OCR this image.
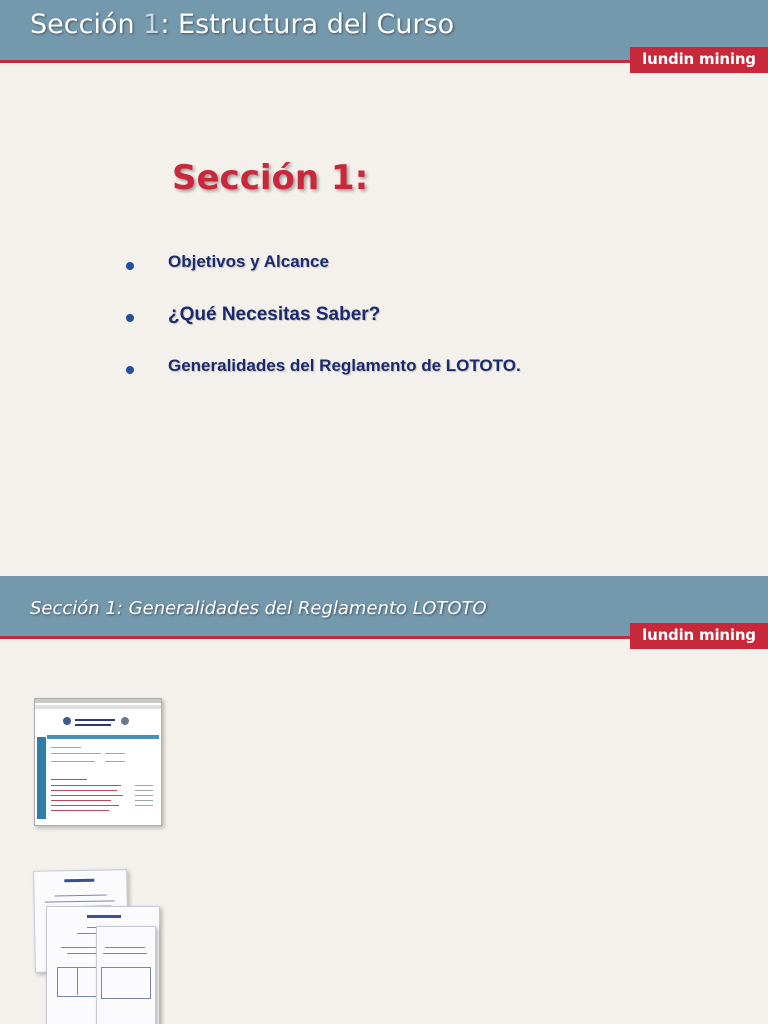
Sección 1: Estructura del Curso
lundin mining
Sección 1:
Objetivos y Alcance
¿Qué Necesitas Saber?
Generalidades del Reglamento de LOTOTO.
Sección 1: Generalidades del Reglamento LOTOTO
lundin mining
